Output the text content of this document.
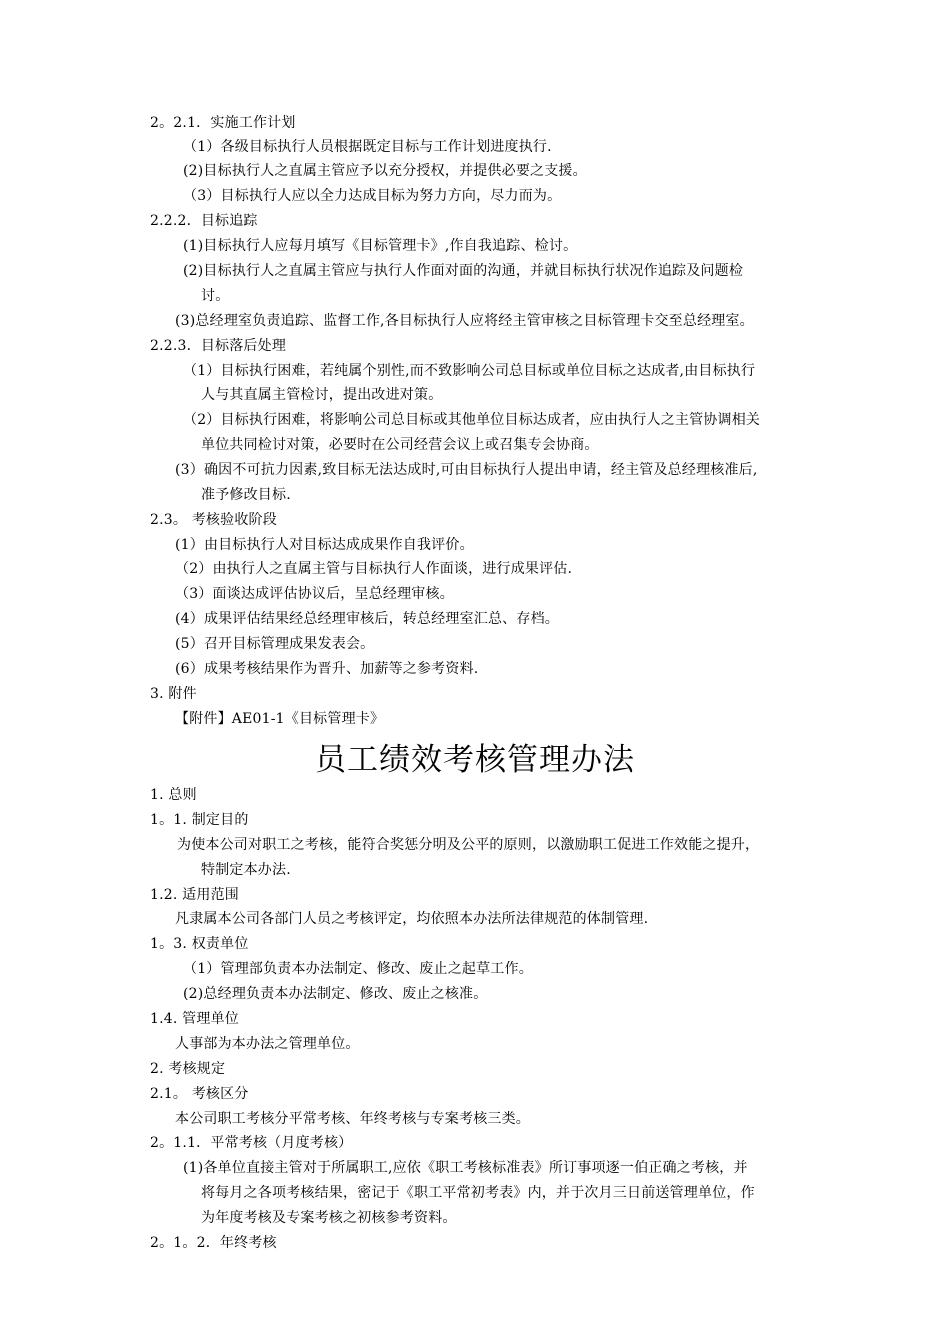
2。2.1．实施工作计划
（1）各级目标执行人员根据既定目标与工作计划进度执行.
(2)目标执行人之直属主管应予以充分授权，并提供必要之支援。
（3）目标执行人应以全力达成目标为努力方向，尽力而为。
2.2.2．目标追踪
(1)目标执行人应每月填写《目标管理卡》,作自我追踪、检讨。
(2)目标执行人之直属主管应与执行人作面对面的沟通，并就目标执行状况作追踪及问题检
讨。
(3)总经理室负责追踪、监督工作,各目标执行人应将经主管审核之目标管理卡交至总经理室。
2.2.3．目标落后处理
（1）目标执行困难，若纯属个别性,而不致影响公司总目标或单位目标之达成者,由目标执行
人与其直属主管检讨，提出改进对策。
（2）目标执行困难，将影响公司总目标或其他单位目标达成者，应由执行人之主管协调相关
单位共同检讨对策，必要时在公司经营会议上或召集专会协商。
(3）确因不可抗力因素,致目标无法达成时,可由目标执行人提出申请，经主管及总经理核准后,
准予修改目标.
2.3。 考核验收阶段
(1）由目标执行人对目标达成成果作自我评价。
（2）由执行人之直属主管与目标执行人作面谈，进行成果评估.
（3）面谈达成评估协议后，呈总经理审核。
(4）成果评估结果经总经理审核后，转总经理室汇总、存档。
(5）召开目标管理成果发表会。
(6）成果考核结果作为晋升、加薪等之参考资料.
3. 附件
【附件】AE01-1《目标管理卡》
员工绩效考核管理办法
1. 总则
1。1. 制定目的
为使本公司对职工之考核，能符合奖惩分明及公平的原则，以激励职工促进工作效能之提升，
特制定本办法.
1.2. 适用范围
凡隶属本公司各部门人员之考核评定，均依照本办法所法律规范的体制管理.
1。3. 权责单位
（1）管理部负责本办法制定、修改、废止之起草工作。
(2)总经理负责本办法制定、修改、废止之核准。
1.4. 管理单位
人事部为本办法之管理单位。
2. 考核规定
2.1。 考核区分
本公司职工考核分平常考核、年终考核与专案考核三类。
2。1.1．平常考核（月度考核）
(1)各单位直接主管对于所属职工,应依《职工考核标准表》所订事项逐一伯正确之考核，并
将每月之各项考核结果，密记于《职工平常初考表》内，并于次月三日前送管理单位，作
为年度考核及专案考核之初核参考资料。
2。1。2．年终考核
